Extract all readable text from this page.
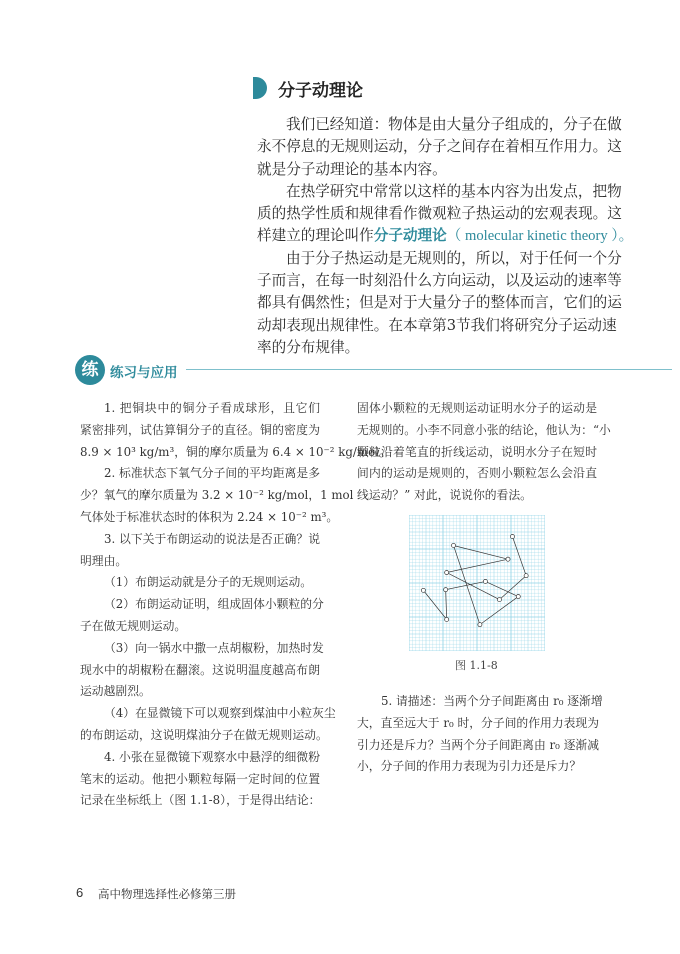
分子动理论
我们已经知道：物体是由大量分子组成的，分子在做
永不停息的无规则运动，分子之间存在着相互作用力。这
就是分子动理论的基本内容。
在热学研究中常常以这样的基本内容为出发点，把物
质的热学性质和规律看作微观粒子热运动的宏观表现。这
样建立的理论叫作分子动理论（ molecular kinetic theory ）。
由于分子热运动是无规则的，所以，对于任何一个分
子而言，在每一时刻沿什么方向运动，以及运动的速率等
都具有偶然性；但是对于大量分子的整体而言，它们的运
动却表现出规律性。在本章第3节我们将研究分子运动速
率的分布规律。
练 练习与应用
1. 把铜块中的铜分子看成球形，且它们
紧密排列，试估算铜分子的直径。铜的密度为
8.9 × 10³ kg/m³，铜的摩尔质量为 6.4 × 10⁻² kg/mol。
2. 标准状态下氧气分子间的平均距离是多
少？氧气的摩尔质量为 3.2 × 10⁻² kg/mol，1 mol
气体处于标准状态时的体积为 2.24 × 10⁻² m³。
3. 以下关于布朗运动的说法是否正确？说
明理由。
（1）布朗运动就是分子的无规则运动。
（2）布朗运动证明，组成固体小颗粒的分
子在做无规则运动。
（3）向一锅水中撒一点胡椒粉，加热时发
现水中的胡椒粉在翻滚。这说明温度越高布朗
运动越剧烈。
（4）在显微镜下可以观察到煤油中小粒灰尘
的布朗运动，这说明煤油分子在做无规则运动。
4. 小张在显微镜下观察水中悬浮的细微粉
笔末的运动。他把小颗粒每隔一定时间的位置
记录在坐标纸上（图 1.1-8），于是得出结论：
固体小颗粒的无规则运动证明水分子的运动是
无规则的。小李不同意小张的结论，他认为：“小
颗粒沿着笔直的折线运动，说明水分子在短时
间内的运动是规则的，否则小颗粒怎么会沿直
线运动？” 对此，说说你的看法。
图 1.1-8
5. 请描述：当两个分子间距离由 r₀ 逐渐增
大，直至远大于 r₀ 时，分子间的作用力表现为
引力还是斥力？当两个分子间距离由 r₀ 逐渐减
小，分子间的作用力表现为引力还是斥力？
6 高中物理选择性必修第三册
